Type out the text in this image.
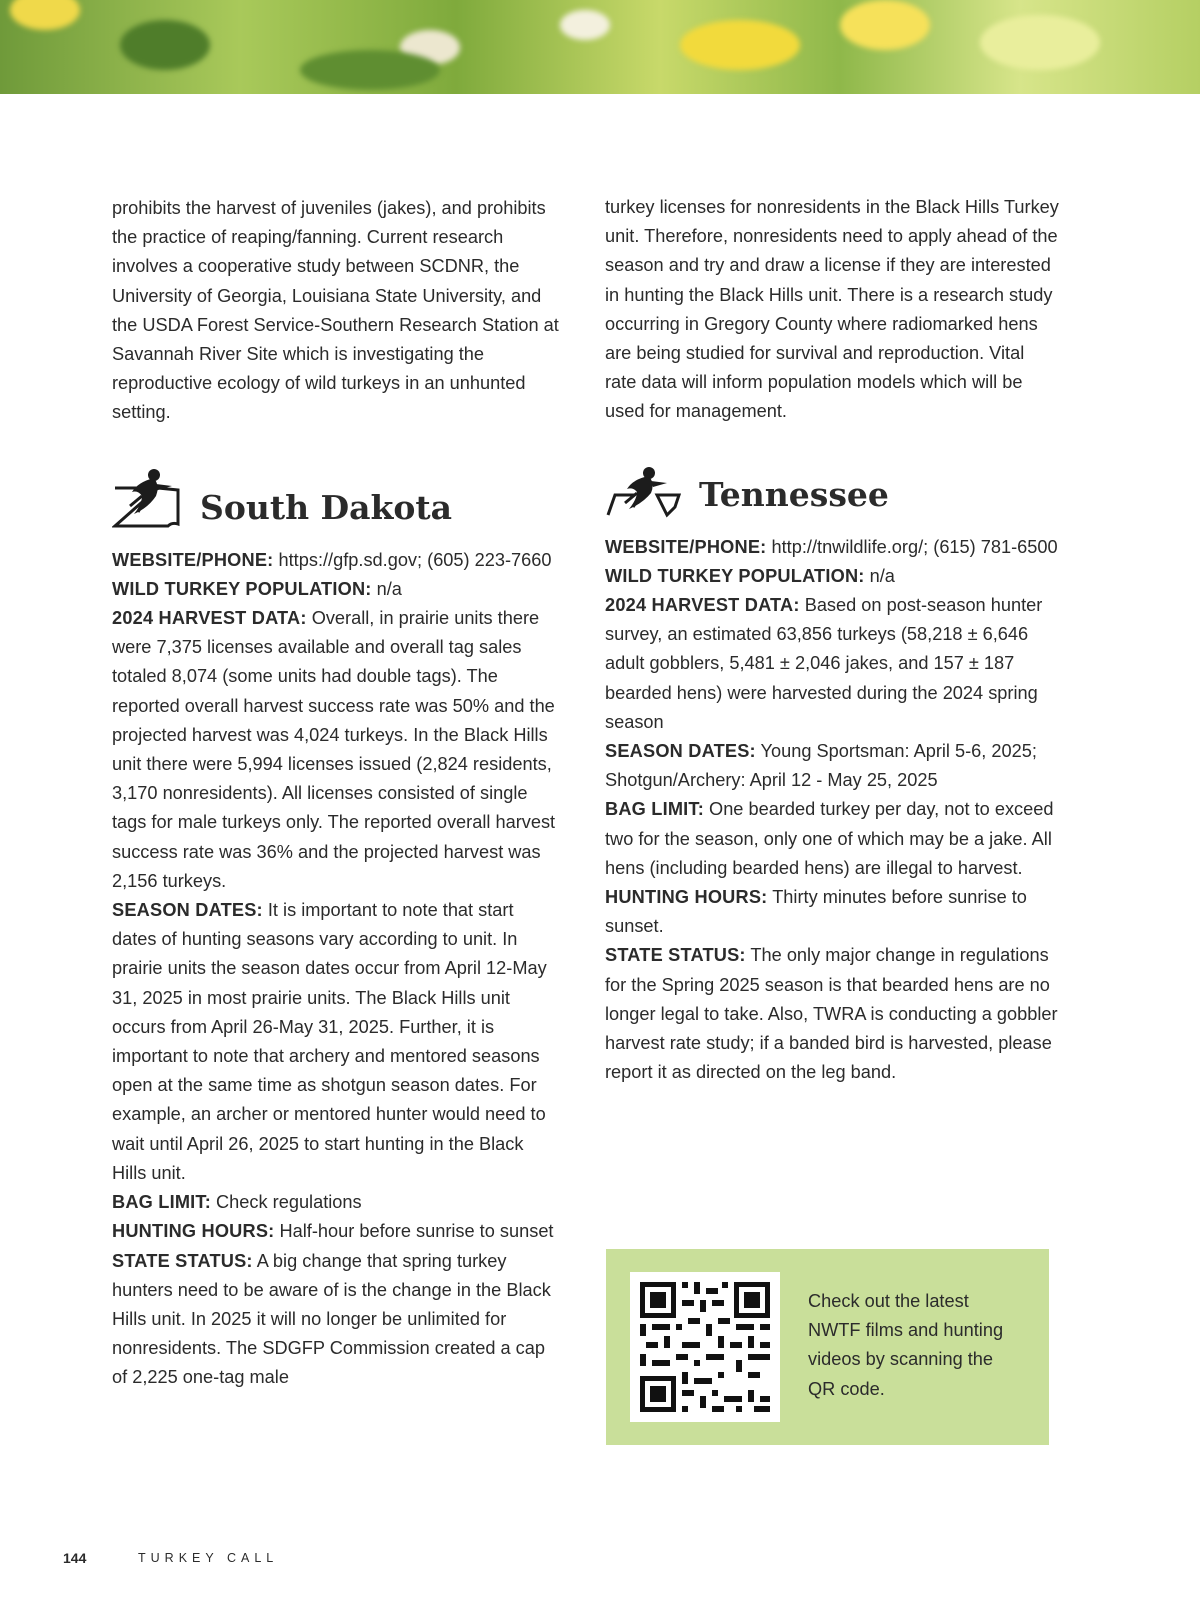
prohibits the harvest of juveniles (jakes), and prohibits the practice of reaping/fanning. Current research involves a cooperative study between SCDNR, the University of Georgia, Louisiana State University, and the USDA Forest Service-Southern Research Station at Savannah River Site which is investigating the reproductive ecology of wild turkeys in an unhunted setting.

South Dakota

WEBSITE/PHONE: https://gfp.sd.gov; (605) 223-7660

WILD TURKEY POPULATION: n/a

2024 HARVEST DATA: Overall, in prairie units there were 7,375 licenses available and overall tag sales totaled 8,074 (some units had double tags). The reported overall harvest success rate was 50% and the projected harvest was 4,024 turkeys. In the Black Hills unit there were 5,994 licenses issued (2,824 residents, 3,170 nonresidents). All licenses consisted of single tags for male turkeys only. The reported overall harvest success rate was 36% and the projected harvest was 2,156 turkeys.

SEASON DATES: It is important to note that start dates of hunting seasons vary according to unit. In prairie units the season dates occur from April 12-May 31, 2025 in most prairie units. The Black Hills unit occurs from April 26-May 31, 2025. Further, it is important to note that archery and mentored seasons open at the same time as shotgun season dates. For example, an archer or mentored hunter would need to wait until April 26, 2025 to start hunting in the Black Hills unit.

BAG LIMIT: Check regulations

HUNTING HOURS: Half-hour before sunrise to sunset

STATE STATUS: A big change that spring turkey hunters need to be aware of is the change in the Black Hills unit. In 2025 it will no longer be unlimited for nonresidents. The SDGFP Commission created a cap of 2,225 one-tag male

turkey licenses for nonresidents in the Black Hills Turkey unit. Therefore, nonresidents need to apply ahead of the season and try and draw a license if they are interested in hunting the Black Hills unit. There is a research study occurring in Gregory County where radiomarked hens are being studied for survival and reproduction. Vital rate data will inform population models which will be used for management.

Tennessee

WEBSITE/PHONE: http://tnwildlife.org/; (615) 781-6500

WILD TURKEY POPULATION: n/a

2024 HARVEST DATA: Based on post-season hunter survey, an estimated 63,856 turkeys (58,218 ± 6,646 adult gobblers, 5,481 ± 2,046 jakes, and 157 ± 187 bearded hens) were harvested during the 2024 spring season

SEASON DATES: Young Sportsman: April 5-6, 2025; Shotgun/Archery: April 12 - May 25, 2025

BAG LIMIT: One bearded turkey per day, not to exceed two for the season, only one of which may be a jake. All hens (including bearded hens) are illegal to harvest.

HUNTING HOURS: Thirty minutes before sunrise to sunset.

STATE STATUS: The only major change in regulations for the Spring 2025 season is that bearded hens are no longer legal to take. Also, TWRA is conducting a gobbler harvest rate study; if a banded bird is harvested, please report it as directed on the leg band.

Check out the latest NWTF films and hunting videos by scanning the QR code.
144	TURKEY CALL
